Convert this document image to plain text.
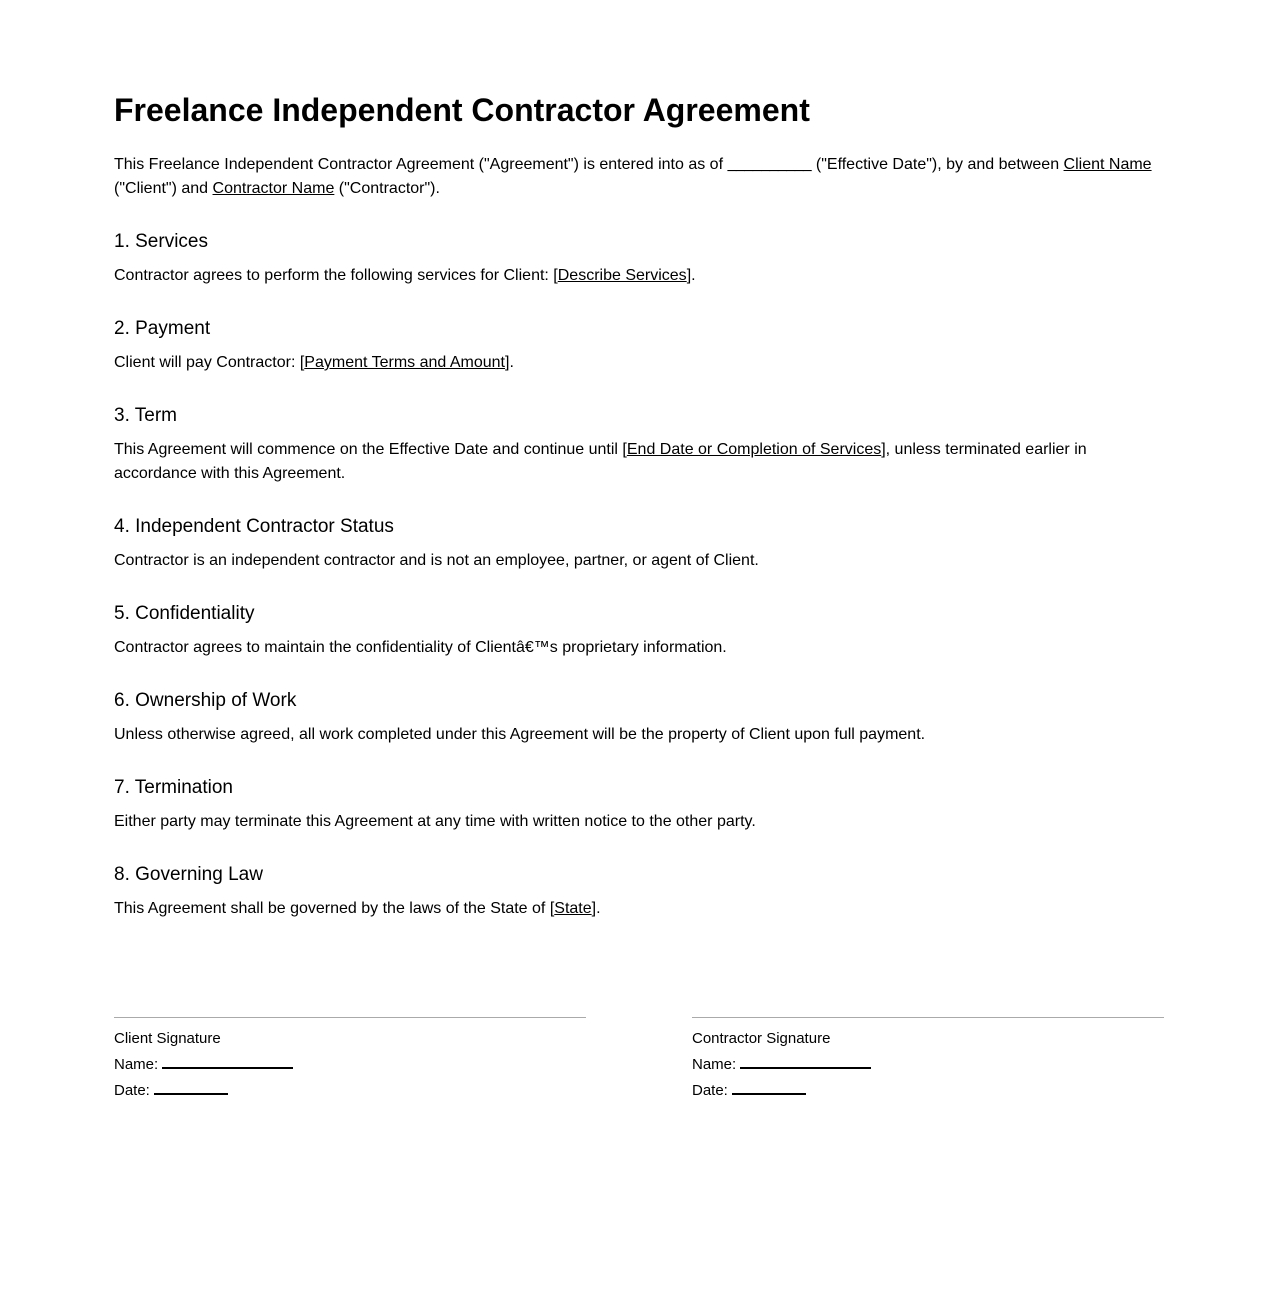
Freelance Independent Contractor Agreement

This Freelance Independent Contractor Agreement ("Agreement") is entered into as of __________ ("Effective Date"), by and between Client Name
("Client") and Contractor Name ("Contractor").

1. Services

Contractor agrees to perform the following services for Client: [Describe Services].

2. Payment

Client will pay Contractor: [Payment Terms and Amount].

3. Term

This Agreement will commence on the Effective Date and continue until [End Date or Completion of Services], unless terminated earlier in accordance with this Agreement.

4. Independent Contractor Status

Contractor is an independent contractor and is not an employee, partner, or agent of Client.

5. Confidentiality

Contractor agrees to maintain the confidentiality of Clientâ€™s proprietary information.

6. Ownership of Work

Unless otherwise agreed, all work completed under this Agreement will be the property of Client upon full payment.

7. Termination

Either party may terminate this Agreement at any time with written notice to the other party.

8. Governing Law

This Agreement shall be governed by the laws of the State of [State].

Client Signature
Name:
Date:
Contractor Signature
Name:
Date:
